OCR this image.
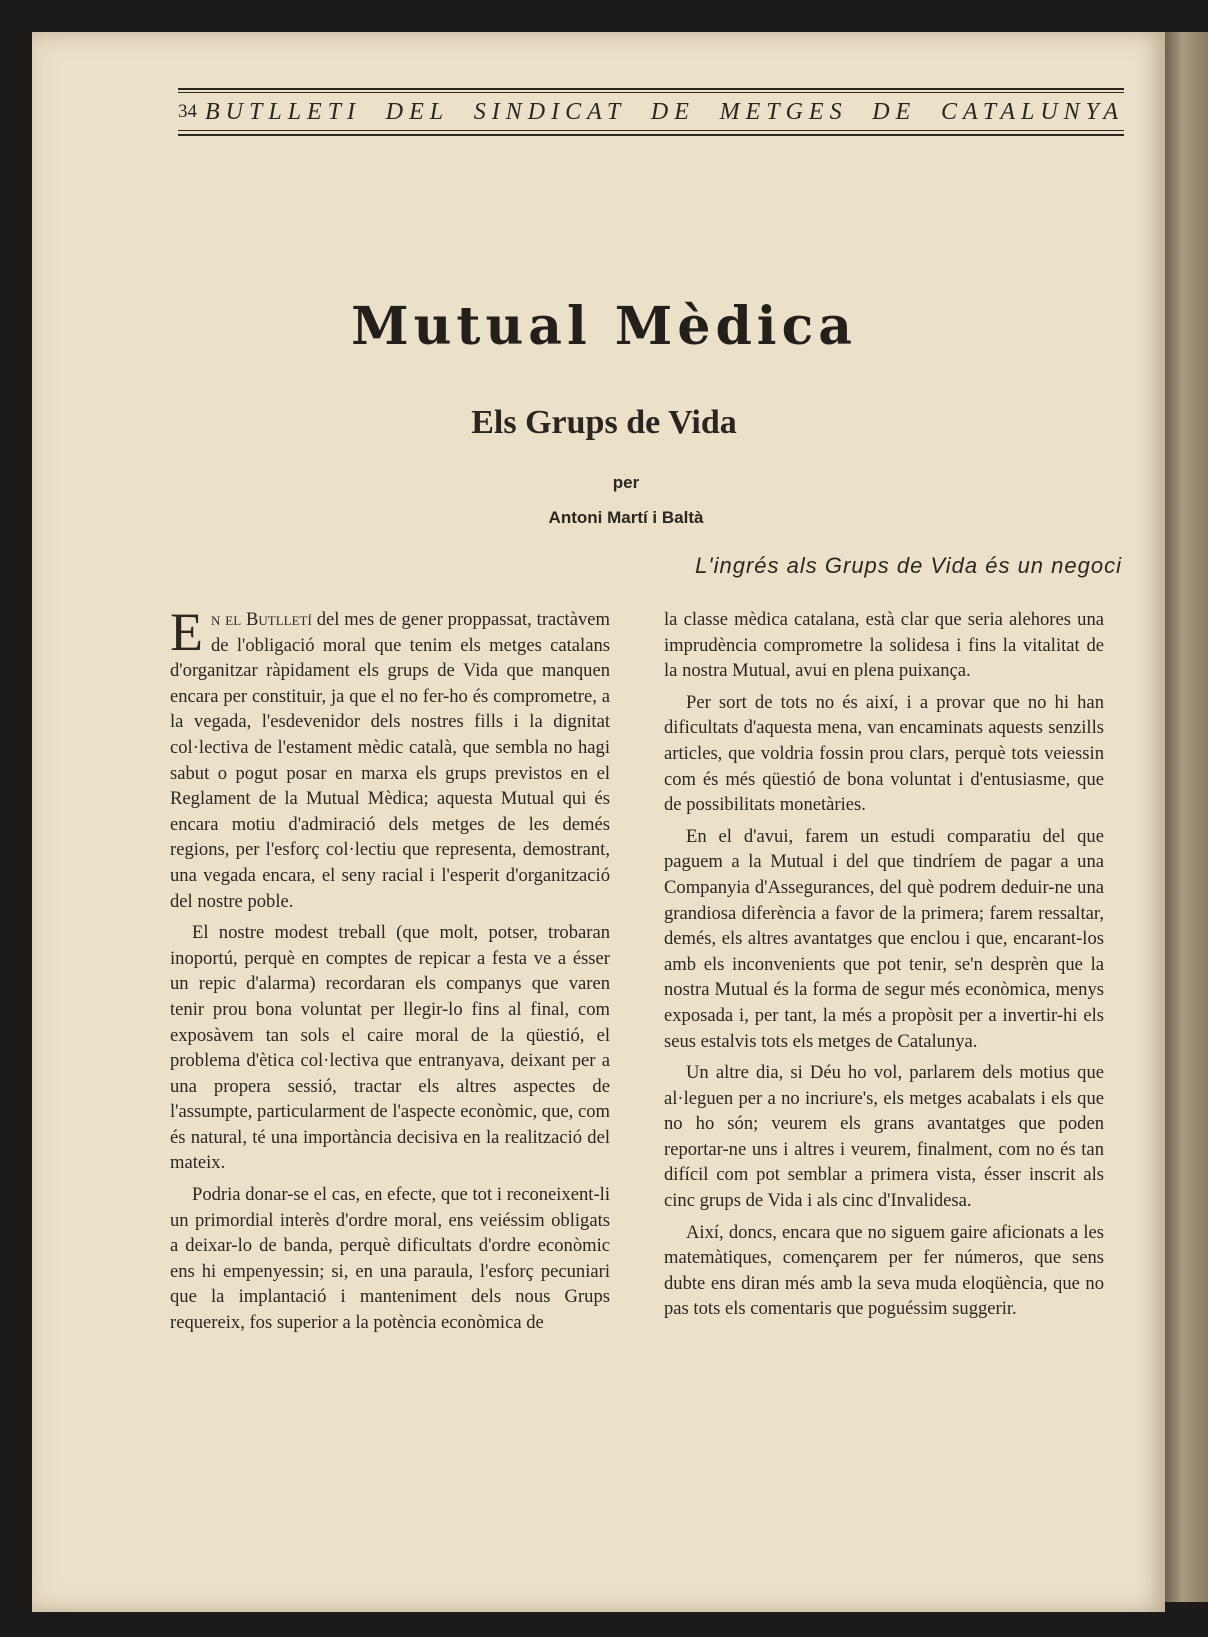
34 BUTLLETI DEL SINDICAT DE METGES DE CATALUNYA
Mutual Mèdica
Els Grups de Vida
per
Antoni Martí i Baltà
L'ingrés als Grups de Vida és un negoci

En el Butlletí del mes de gener proppassat, tractàvem de l'obligació moral que tenim els metges catalans d'organitzar ràpidament els grups de Vida que manquen encara per constituir, ja que el no fer-ho és comprometre, a la vegada, l'esdevenidor dels nostres fills i la dignitat col·lectiva de l'estament mèdic català, que sembla no hagi sabut o pogut posar en marxa els grups previstos en el Reglament de la Mutual Mèdica; aquesta Mutual qui és encara motiu d'admiració dels metges de les demés regions, per l'esforç col·lectiu que representa, demostrant, una vegada encara, el seny racial i l'esperit d'organització del nostre poble.

El nostre modest treball (que molt, potser, trobaran inoportú, perquè en comptes de repicar a festa ve a ésser un repic d'alarma) recordaran els companys que varen tenir prou bona voluntat per llegir-lo fins al final, com exposàvem tan sols el caire moral de la qüestió, el problema d'ètica col·lectiva que entranyava, deixant per a una propera sessió, tractar els altres aspectes de l'assumpte, particularment de l'aspecte econòmic, que, com és natural, té una importància decisiva en la realització del mateix.

Podria donar-se el cas, en efecte, que tot i reconeixent-li un primordial interès d'ordre moral, ens veiéssim obligats a deixar-lo de banda, perquè dificultats d'ordre econòmic ens hi empenyessin; si, en una paraula, l'esforç pecuniari que la implantació i manteniment dels nous Grups requereix, fos superior a la potència econòmica de

la classe mèdica catalana, està clar que seria alehores una imprudència comprometre la solidesa i fins la vitalitat de la nostra Mutual, avui en plena puixança.

Per sort de tots no és així, i a provar que no hi han dificultats d'aquesta mena, van encaminats aquests senzills articles, que voldria fossin prou clars, perquè tots veiessin com és més qüestió de bona voluntat i d'entusiasme, que de possibilitats monetàries.

En el d'avui, farem un estudi comparatiu del que paguem a la Mutual i del que tindríem de pagar a una Companyia d'Assegurances, del què podrem deduir-ne una grandiosa diferència a favor de la primera; farem ressaltar, demés, els altres avantatges que enclou i que, encarant-los amb els inconvenients que pot tenir, se'n desprèn que la nostra Mutual és la forma de segur més econòmica, menys exposada i, per tant, la més a propòsit per a invertir-hi els seus estalvis tots els metges de Catalunya.

Un altre dia, si Déu ho vol, parlarem dels motius que al·leguen per a no incriure's, els metges acabalats i els que no ho són; veurem els grans avantatges que poden reportar-ne uns i altres i veurem, finalment, com no és tan difícil com pot semblar a primera vista, ésser inscrit als cinc grups de Vida i als cinc d'Invalidesa.

Així, doncs, encara que no siguem gaire aficionats a les matemàtiques, començarem per fer números, que sens dubte ens diran més amb la seva muda eloqüència, que no pas tots els comentaris que poguéssim suggerir.
